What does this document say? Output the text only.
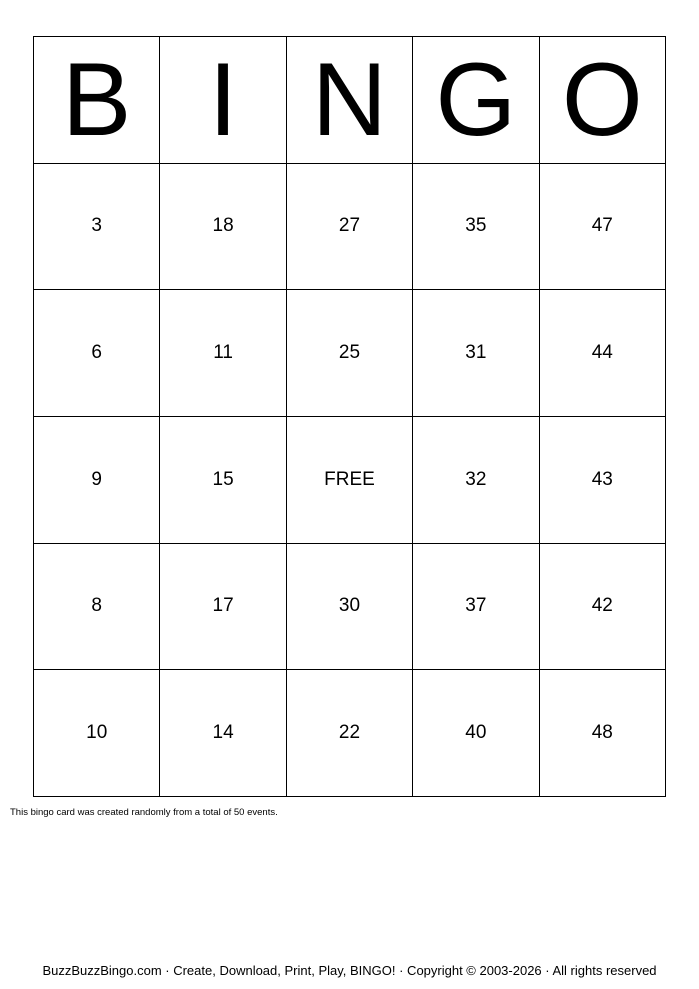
B	I	N	G	O
3	18	27	35	47
6	11	25	31	44
9	15	FREE	32	43
8	17	30	37	42
10	14	22	40	48
This bingo card was created randomly from a total of 50 events.
BuzzBuzzBingo.com · Create, Download, Print, Play, BINGO! · Copyright © 2003-2026 · All rights reserved
